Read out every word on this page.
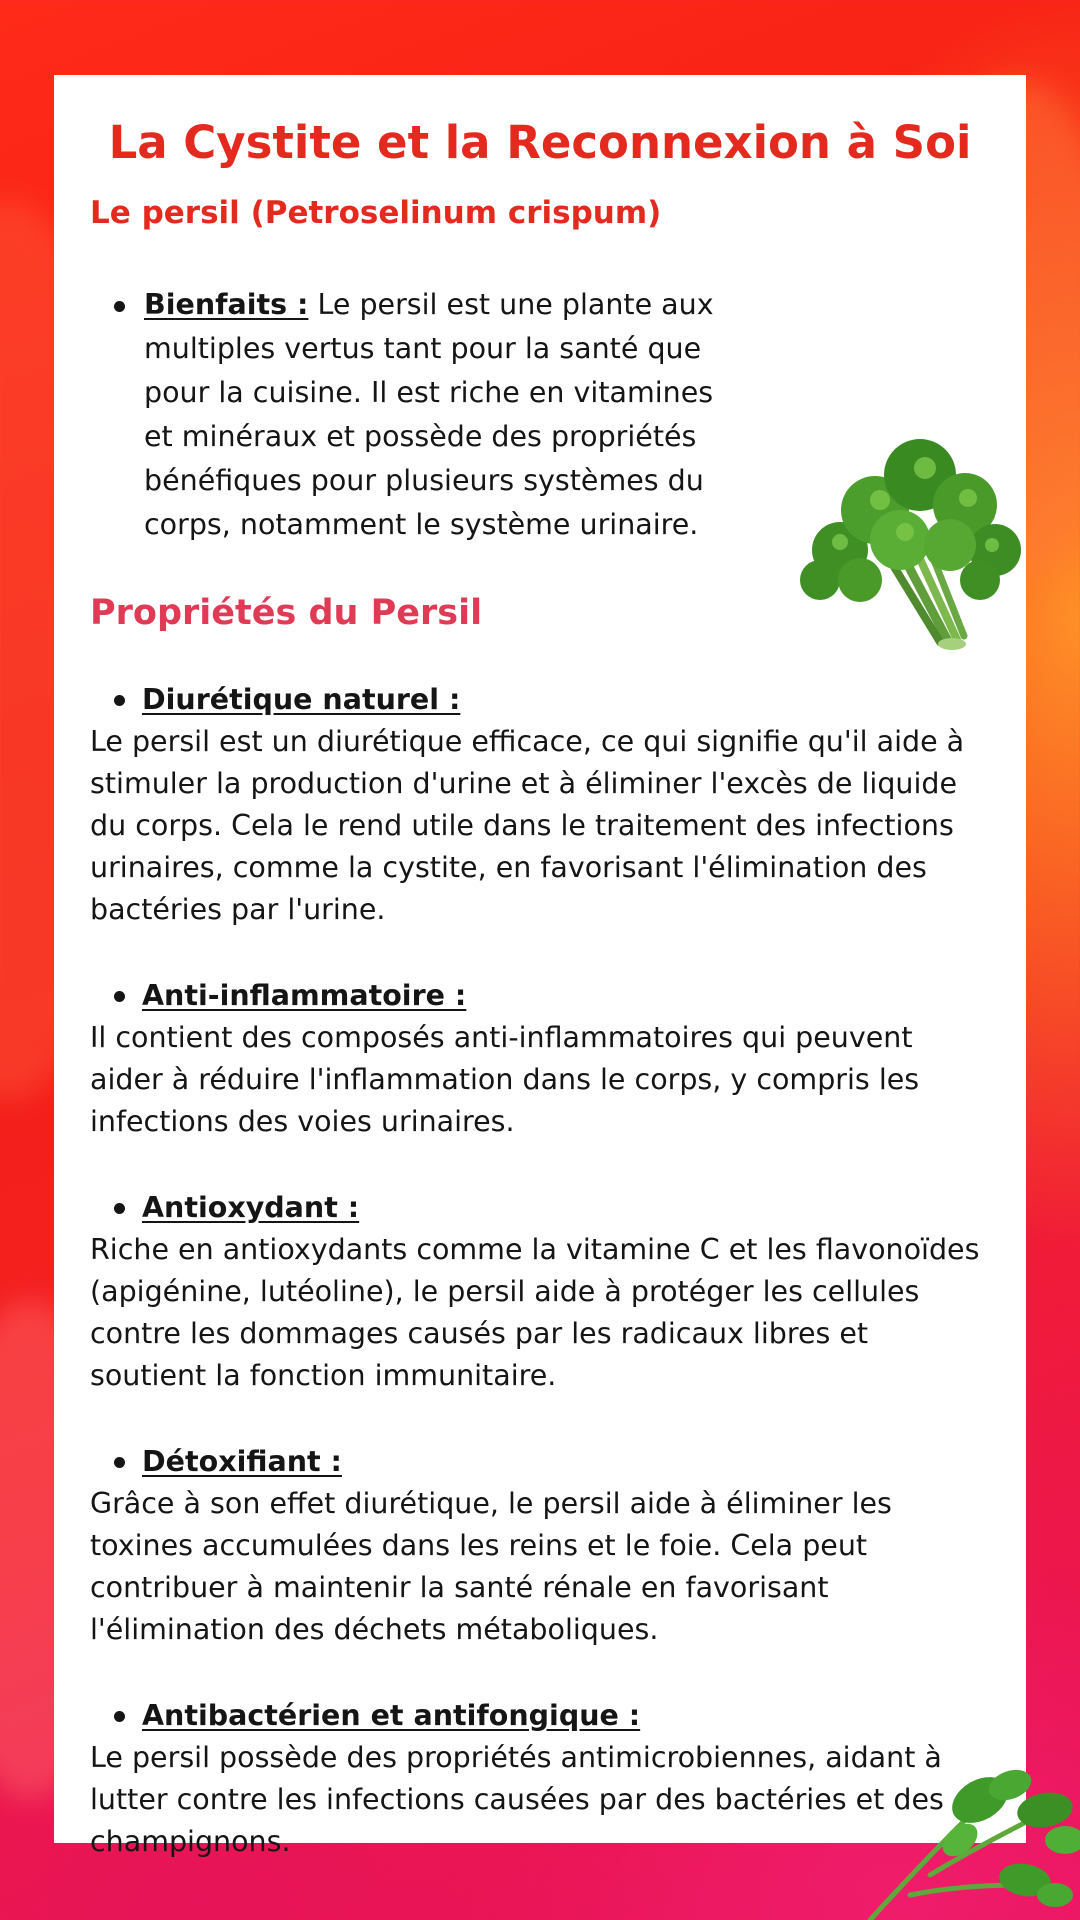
La Cystite et la Reconnexion à Soi
Le persil (Petroselinum crispum)
Bienfaits : Le persil est une plante aux multiples vertus tant pour la santé que pour la cuisine. Il est riche en vitamines et minéraux et possède des propriétés bénéfiques pour plusieurs systèmes du corps, notamment le système urinaire.
Propriétés du Persil
Diurétique naturel :
Le persil est un diurétique efficace, ce qui signifie qu'il aide à stimuler la production d'urine et à éliminer l'excès de liquide du corps. Cela le rend utile dans le traitement des infections urinaires, comme la cystite, en favorisant l'élimination des bactéries par l'urine.
Anti-inflammatoire :
Il contient des composés anti-inflammatoires qui peuvent aider à réduire l'inflammation dans le corps, y compris les infections des voies urinaires.
Antioxydant :
Riche en antioxydants comme la vitamine C et les flavonoïdes (apigénine, lutéoline), le persil aide à protéger les cellules contre les dommages causés par les radicaux libres et soutient la fonction immunitaire.
Détoxifiant :
Grâce à son effet diurétique, le persil aide à éliminer les toxines accumulées dans les reins et le foie. Cela peut contribuer à maintenir la santé rénale en favorisant l'élimination des déchets métaboliques.
Antibactérien et antifongique :
Le persil possède des propriétés antimicrobiennes, aidant à lutter contre les infections causées par des bactéries et des champignons.
